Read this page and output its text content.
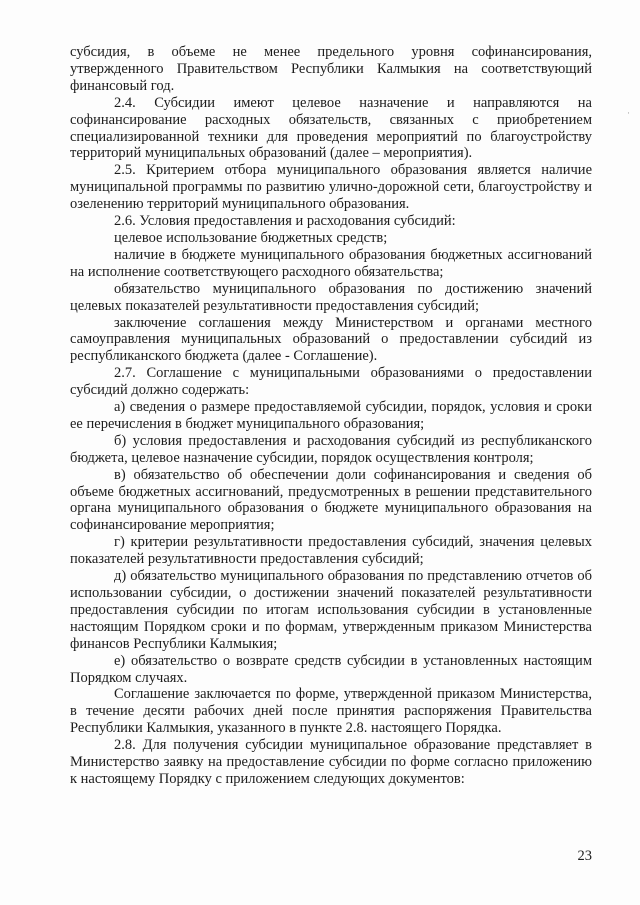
·

субсидия, в объеме не менее предельного уровня софинансирования, утвержденного Правительством Республики Калмыкия на соответствующий финансовый год.

2.4. Субсидии имеют целевое назначение и направляются на софинансирование расходных обязательств, связанных с приобретением специализированной техники для проведения мероприятий по благоустройству территорий муниципальных образований (далее – мероприятия).

2.5. Критерием отбора муниципального образования является наличие муниципальной программы по развитию улично-дорожной сети, благоустройству и озеленению территорий муниципального образования.

2.6. Условия предоставления и расходования субсидий:

целевое использование бюджетных средств;

наличие в бюджете муниципального образования бюджетных ассигнований на исполнение соответствующего расходного обязательства;

обязательство муниципального образования по достижению значений целевых показателей результативности предоставления субсидий;

заключение соглашения между Министерством и органами местного самоуправления муниципальных образований о предоставлении субсидий из республиканского бюджета (далее - Соглашение).

2.7. Соглашение с муниципальными образованиями о предоставлении субсидий должно содержать:

а) сведения о размере предоставляемой субсидии, порядок, условия и сроки ее перечисления в бюджет муниципального образования;

б) условия предоставления и расходования субсидий из республиканского бюджета, целевое назначение субсидии, порядок осуществления контроля;

в) обязательство об обеспечении доли софинансирования и сведения об объеме бюджетных ассигнований, предусмотренных в решении представительного органа муниципального образования о бюджете муниципального образования на софинансирование мероприятия;

г) критерии результативности предоставления субсидий, значения целевых показателей результативности предоставления субсидий;

д) обязательство муниципального образования по представлению отчетов об использовании субсидии, о достижении значений показателей результативности предоставления субсидии по итогам использования субсидии в установленные настоящим Порядком сроки и по формам, утвержденным приказом Министерства финансов Республики Калмыкия;

е) обязательство о возврате средств субсидии в установленных настоящим Порядком случаях.

Соглашение заключается по форме, утвержденной приказом Министерства, в течение десяти рабочих дней после принятия распоряжения Правительства Республики Калмыкия, указанного в пункте 2.8. настоящего Порядка.

2.8. Для получения субсидии муниципальное образование представляет в Министерство заявку на предоставление субсидии по форме согласно приложению к настоящему Порядку с приложением следующих документов:

23
